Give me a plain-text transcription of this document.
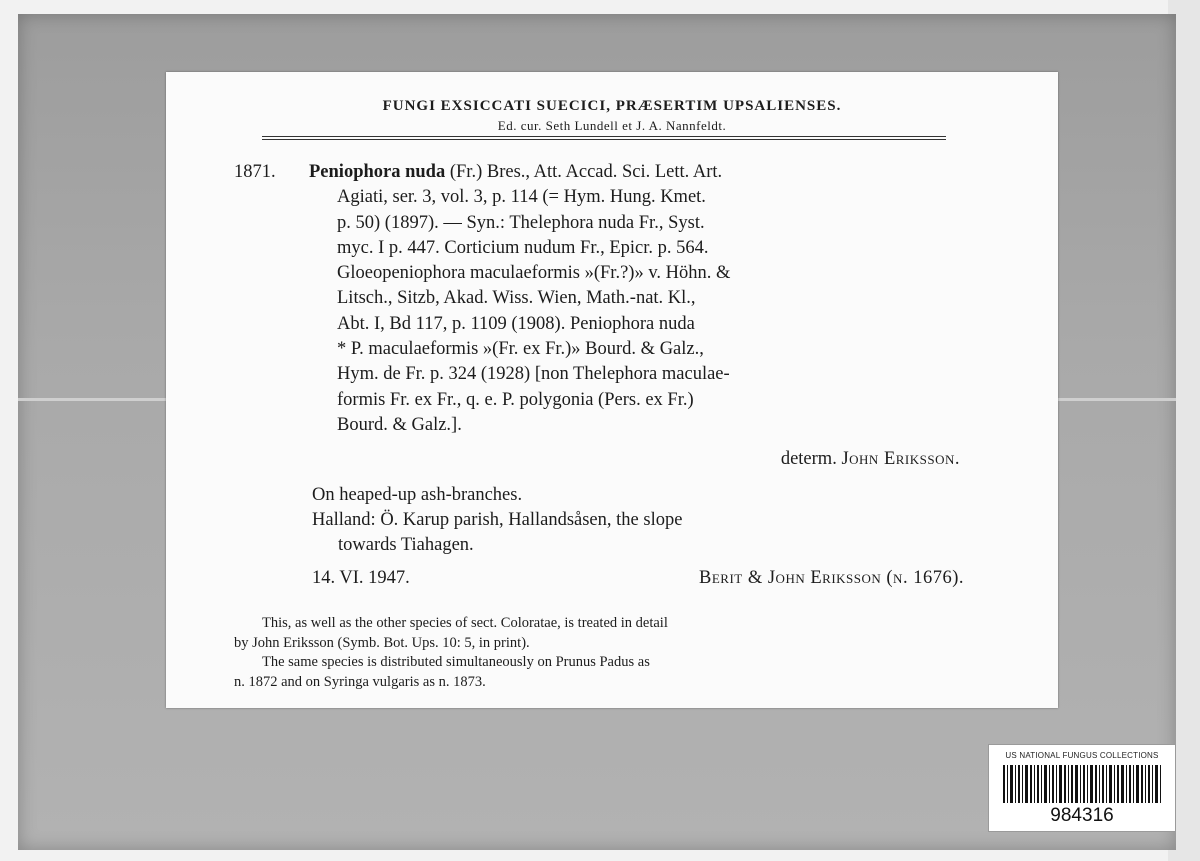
FUNGI EXSICCATI SUECICI, PRÆSERTIM UPSALIENSES.
Ed. cur. Seth Lundell et J. A. Nannfeldt.
1871. Peniophora nuda (Fr.) Bres., Att. Accad. Sci. Lett. Art.
Agiati, ser. 3, vol. 3, p. 114 (= Hym. Hung. Kmet.
p. 50) (1897). — Syn.: Thelephora nuda Fr., Syst.
myc. I p. 447. Corticium nudum Fr., Epicr. p. 564.
Gloeopeniophora maculaeformis »(Fr.?)» v. Höhn. &
Litsch., Sitzb, Akad. Wiss. Wien, Math.-nat. Kl.,
Abt. I, Bd 117, p. 1109 (1908). Peniophora nuda
* P. maculaeformis »(Fr. ex Fr.)» Bourd. & Galz.,
Hym. de Fr. p. 324 (1928) [non Thelephora maculae-
formis Fr. ex Fr., q. e. P. polygonia (Pers. ex Fr.)
Bourd. & Galz.].
determ. John Eriksson.
On heaped-up ash-branches.
Halland: Ö. Karup parish, Hallandsåsen, the slope
towards Tiahagen.
14. VI. 1947.	Berit & John Eriksson (n. 1676).
This, as well as the other species of sect. Coloratae, is treated in detail
by John Eriksson (Symb. Bot. Ups. 10: 5, in print).
The same species is distributed simultaneously on Prunus Padus as
n. 1872 and on Syringa vulgaris as n. 1873.
US NATIONAL FUNGUS COLLECTIONS
984316
